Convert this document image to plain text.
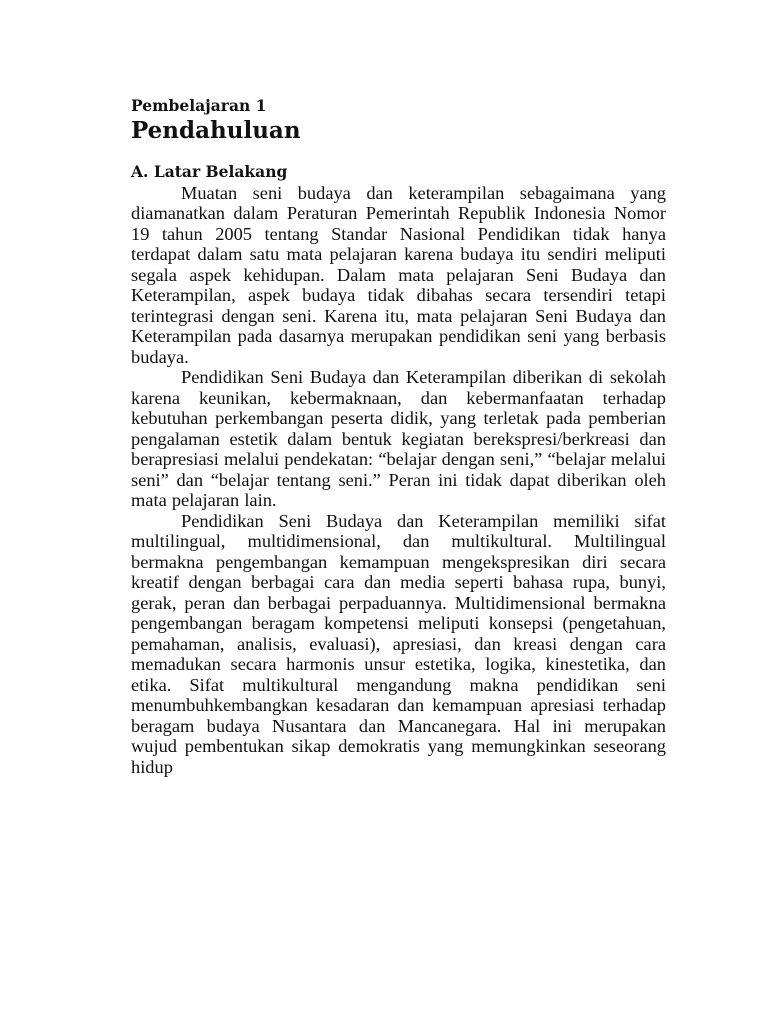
Pembelajaran 1
Pendahuluan
A. Latar Belakang

Muatan seni budaya dan keterampilan sebagaimana yang diamanatkan dalam Peraturan Pemerintah Republik Indonesia Nomor 19 tahun 2005 tentang Standar Nasional Pendidikan tidak hanya terdapat dalam satu mata pelajaran karena budaya itu sendiri meliputi segala aspek kehidupan. Dalam mata pelajaran Seni Budaya dan Keterampilan, aspek budaya tidak dibahas secara tersendiri tetapi terintegrasi dengan seni. Karena itu, mata pelajaran Seni Budaya dan Keterampilan pada dasarnya merupakan pendidikan seni yang berbasis budaya.

Pendidikan Seni Budaya dan Keterampilan diberikan di sekolah karena keunikan, kebermaknaan, dan kebermanfaatan terhadap kebutuhan perkembangan peserta didik, yang terletak pada pemberian pengalaman estetik dalam bentuk kegiatan berekspresi/berkreasi dan berapresiasi melalui pendekatan: “belajar dengan seni,” “belajar melalui seni” dan “belajar tentang seni.” Peran ini tidak dapat diberikan oleh mata pelajaran lain.

Pendidikan Seni Budaya dan Keterampilan memiliki sifat multilingual, multidimensional, dan multikultural. Multilingual bermakna pengembangan kemampuan mengekspresikan diri secara kreatif dengan berbagai cara dan media seperti bahasa rupa, bunyi, gerak, peran dan berbagai perpaduannya. Multidimensional bermakna pengembangan beragam kompetensi meliputi konsepsi (pengetahuan, pemahaman, analisis, evaluasi), apresiasi, dan kreasi dengan cara memadukan secara harmonis unsur estetika, logika, kinestetika, dan etika. Sifat multikultural mengandung makna pendidikan seni menumbuhkembangkan kesadaran dan kemampuan apresiasi terhadap beragam budaya Nusantara dan Mancanegara. Hal ini merupakan wujud pembentukan sikap demokratis yang memungkinkan seseorang hidup
